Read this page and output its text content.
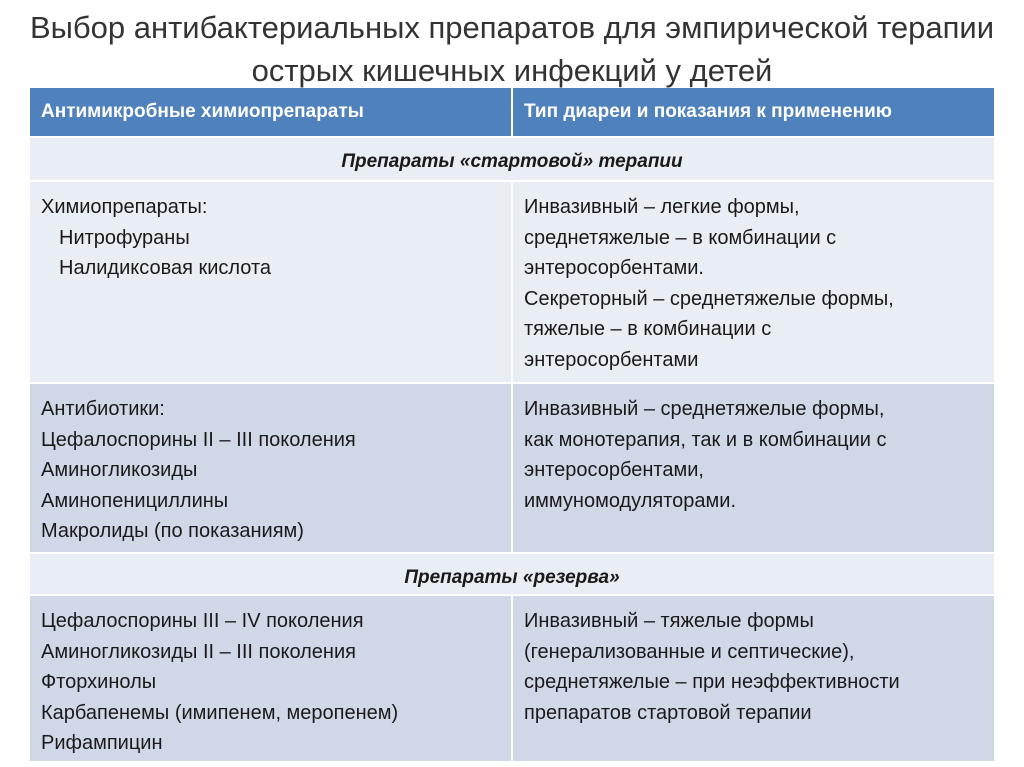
Выбор антибактериальных препаратов для эмпирической терапии
острых кишечных инфекций у детей
Антимикробные химиопрепараты	Тип диареи и показания к применению
Препараты «стартовой» терапии
Химиопрепараты:
Нитрофураны
Налидиксовая кислота
Инвазивный – легкие формы,
среднетяжелые – в комбинации с
энтеросорбентами.
Секреторный – среднетяжелые формы,
тяжелые – в комбинации с
энтеросорбентами
Антибиотики:
Цефалоспорины II – III поколения
Аминогликозиды
Аминопенициллины
Макролиды (по показаниям)
Инвазивный – среднетяжелые формы,
как монотерапия, так и в комбинации с
энтеросорбентами,
иммуномодуляторами.
Препараты «резерва»
Цефалоспорины III – IV поколения
Аминогликозиды II – III поколения
Фторхинолы
Карбапенемы (имипенем, меропенем)
Рифампицин
Инвазивный – тяжелые формы
(генерализованные и септические),
среднетяжелые – при неэффективности
препаратов стартовой терапии
